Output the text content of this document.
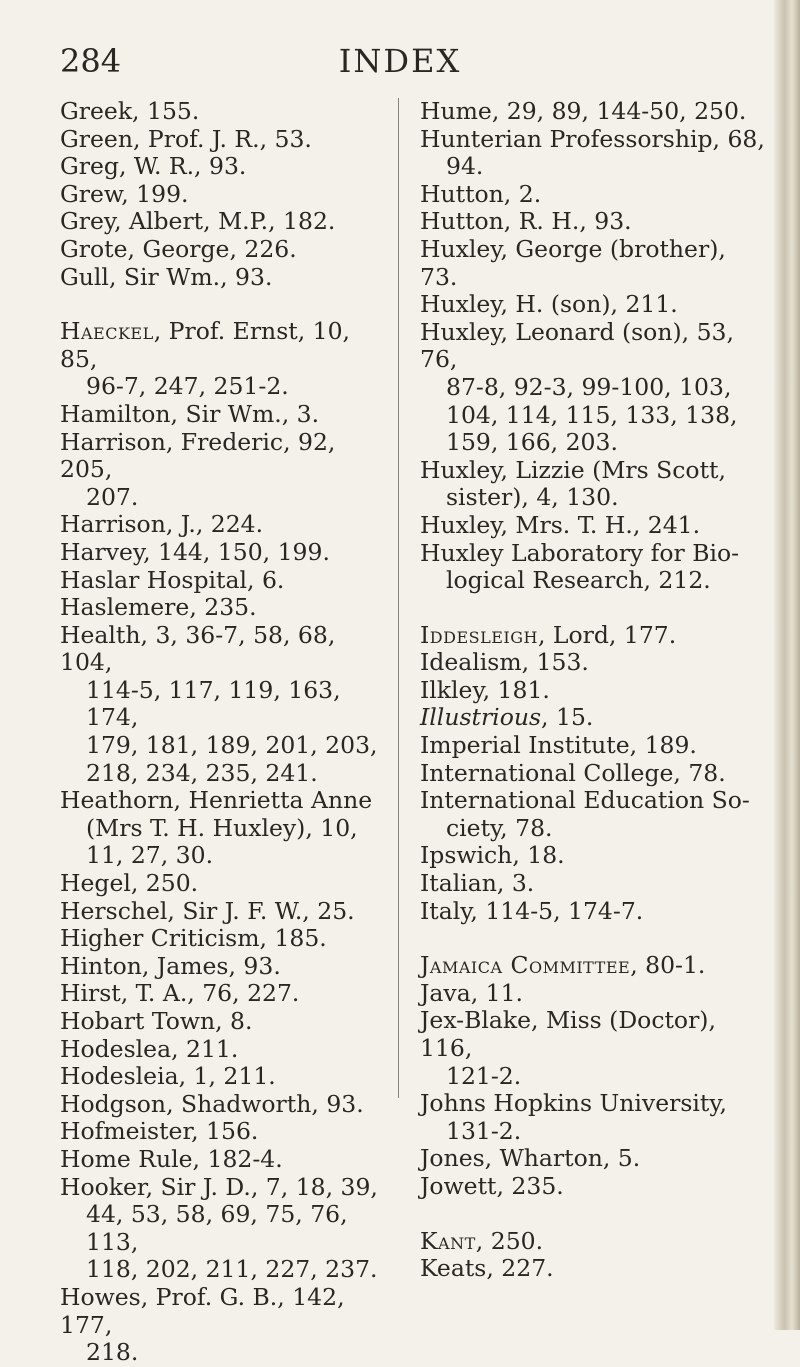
284	INDEX
Greek, 155.
Green, Prof. J. R., 53.
Greg, W. R., 93.
Grew, 199.
Grey, Albert, M.P., 182.
Grote, George, 226.
Gull, Sir Wm., 93.
Haeckel, Prof. Ernst, 10, 85,
96-7, 247, 251-2.
Hamilton, Sir Wm., 3.
Harrison, Frederic, 92, 205,
207.
Harrison, J., 224.
Harvey, 144, 150, 199.
Haslar Hospital, 6.
Haslemere, 235.
Health, 3, 36-7, 58, 68, 104,
114-5, 117, 119, 163, 174,
179, 181, 189, 201, 203,
218, 234, 235, 241.
Heathorn, Henrietta Anne
(Mrs T. H. Huxley), 10,
11, 27, 30.
Hegel, 250.
Herschel, Sir J. F. W., 25.
Higher Criticism, 185.
Hinton, James, 93.
Hirst, T. A., 76, 227.
Hobart Town, 8.
Hodeslea, 211.
Hodesleia, 1, 211.
Hodgson, Shadworth, 93.
Hofmeister, 156.
Home Rule, 182-4.
Hooker, Sir J. D., 7, 18, 39,
44, 53, 58, 69, 75, 76, 113,
118, 202, 211, 227, 237.
Howes, Prof. G. B., 142, 177,
218.
Hume, 29, 89, 144-50, 250.
Hunterian Professorship, 68,
94.
Hutton, 2.
Hutton, R. H., 93.
Huxley, George (brother), 73.
Huxley, H. (son), 211.
Huxley, Leonard (son), 53, 76,
87-8, 92-3, 99-100, 103,
104, 114, 115, 133, 138,
159, 166, 203.
Huxley, Lizzie (Mrs Scott,
sister), 4, 130.
Huxley, Mrs. T. H., 241.
Huxley Laboratory for Bio-
logical Research, 212.
Iddesleigh, Lord, 177.
Idealism, 153.
Ilkley, 181.
Illustrious, 15.
Imperial Institute, 189.
International College, 78.
International Education So-
ciety, 78.
Ipswich, 18.
Italian, 3.
Italy, 114-5, 174-7.
Jamaica Committee, 80-1.
Java, 11.
Jex-Blake, Miss (Doctor), 116,
121-2.
Johns Hopkins University,
131-2.
Jones, Wharton, 5.
Jowett, 235.
Kant, 250.
Keats, 227.
